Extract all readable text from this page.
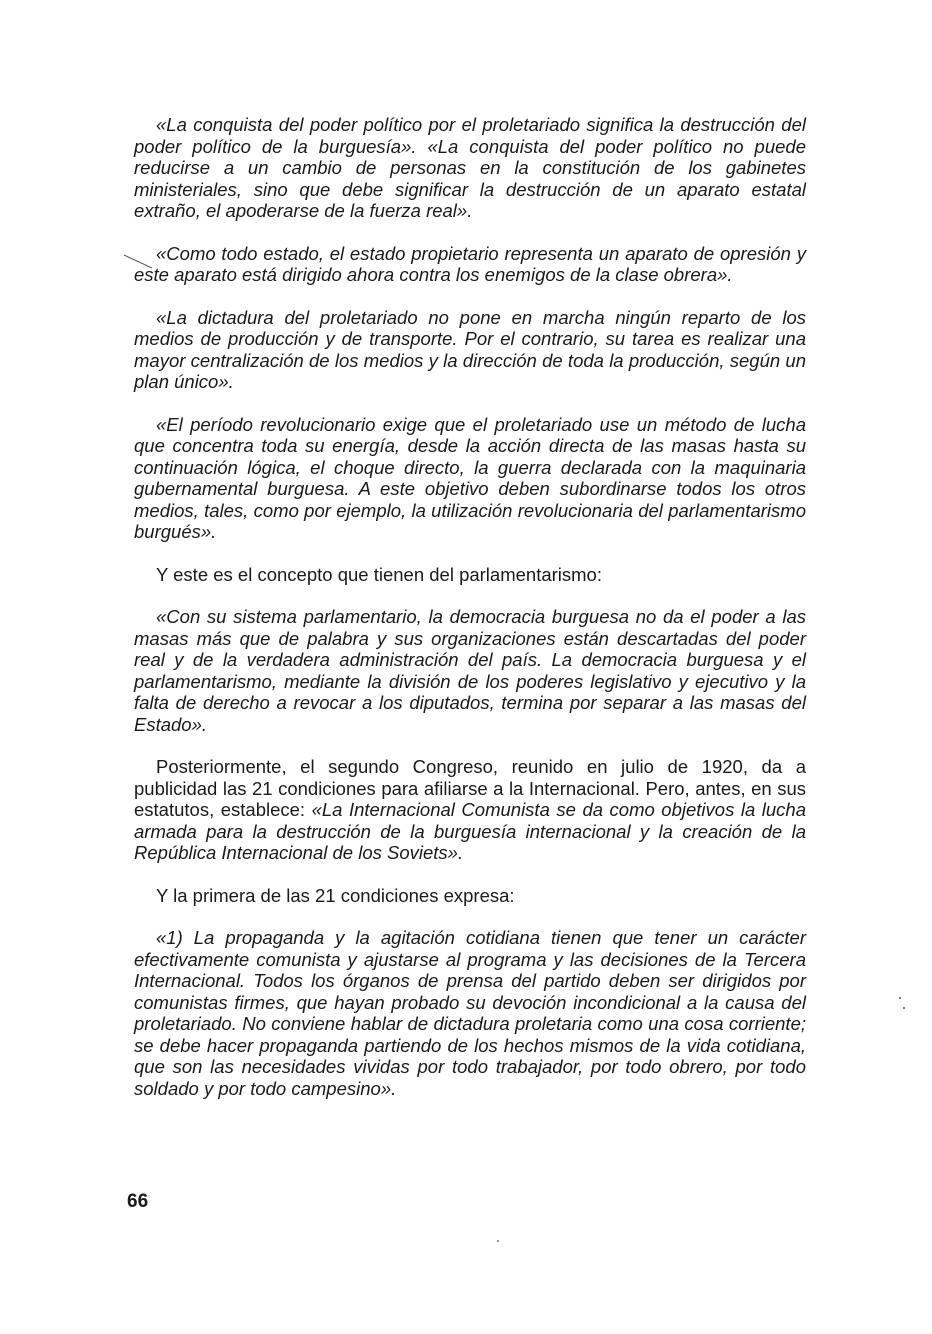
«La conquista del poder político por el proletariado significa la destrucción del poder político de la burguesía». «La conquista del poder político no puede reducirse a un cambio de personas en la constitución de los gabinetes ministeriales, sino que debe significar la destrucción de un aparato estatal extraño, el apoderarse de la fuerza real».

«Como todo estado, el estado propietario representa un aparato de opresión y este aparato está dirigido ahora contra los enemigos de la clase obrera».

«La dictadura del proletariado no pone en marcha ningún reparto de los medios de producción y de transporte. Por el contrario, su tarea es realizar una mayor centralización de los medios y la dirección de toda la producción, según un plan único».

«El período revolucionario exige que el proletariado use un método de lucha que concentra toda su energía, desde la acción directa de las masas hasta su continuación lógica, el choque directo, la guerra declarada con la maquinaria gubernamental burguesa. A este objetivo deben subordinarse todos los otros medios, tales, como por ejemplo, la utilización revolucionaria del parlamentarismo burgués».

Y este es el concepto que tienen del parlamentarismo:

«Con su sistema parlamentario, la democracia burguesa no da el poder a las masas más que de palabra y sus organizaciones están descartadas del poder real y de la verdadera administración del país. La democracia burguesa y el parlamentarismo, mediante la división de los poderes legislativo y ejecutivo y la falta de derecho a revocar a los diputados, termina por separar a las masas del Estado».

Posteriormente, el segundo Congreso, reunido en julio de 1920, da a publicidad las 21 condiciones para afiliarse a la Internacional. Pero, antes, en sus estatutos, establece: «La Internacional Comunista se da como objetivos la lucha armada para la destrucción de la burguesía internacional y la creación de la República Internacional de los Soviets».

Y la primera de las 21 condiciones expresa:

«1) La propaganda y la agitación cotidiana tienen que tener un carácter efectivamente comunista y ajustarse al programa y las decisiones de la Tercera Internacional. Todos los órganos de prensa del partido deben ser dirigidos por comunistas firmes, que hayan probado su devoción incondicional a la causa del proletariado. No conviene hablar de dictadura proletaria como una cosa corriente; se debe hacer propaganda partiendo de los hechos mismos de la vida cotidiana, que son las necesidades vividas por todo trabajador, por todo obrero, por todo soldado y por todo campesino».

66
